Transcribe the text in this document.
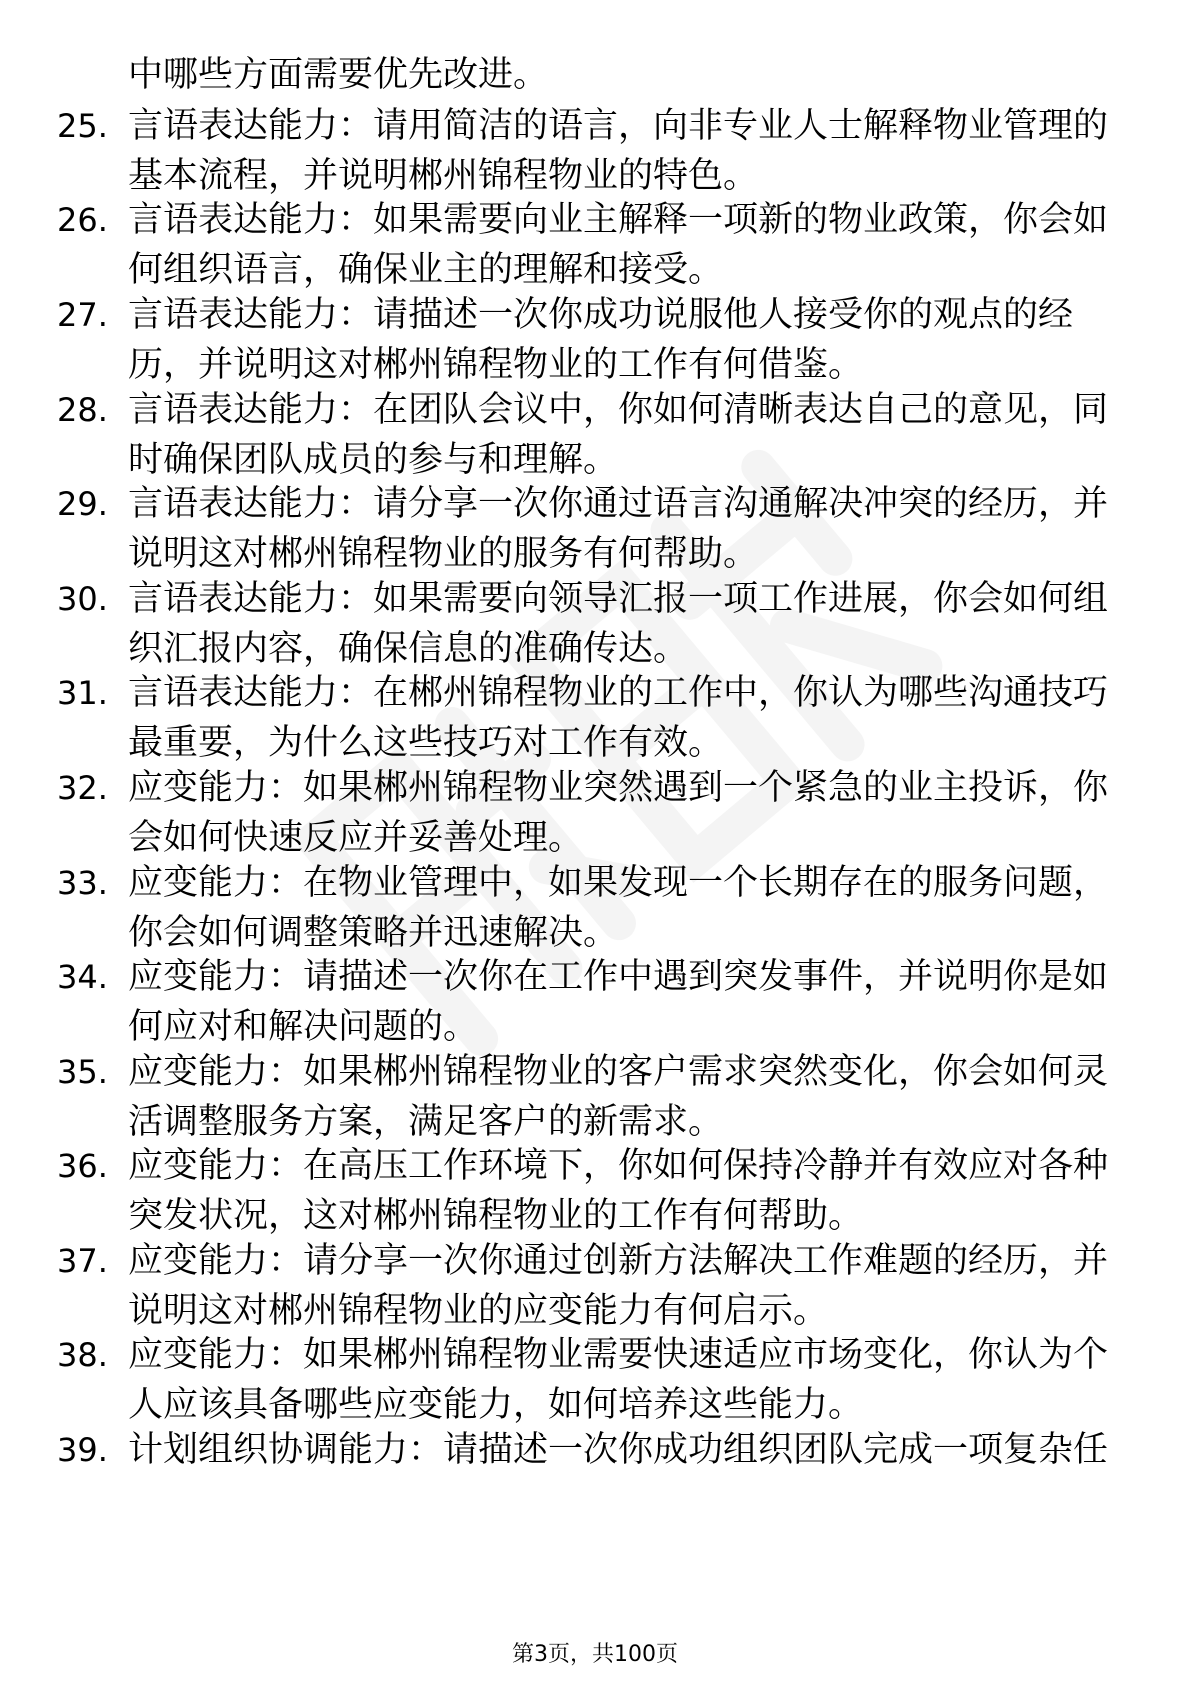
中哪些方面需要优先改进。
25. 言语表达能力：请用简洁的语言，向非专业人士解释物业管理的
基本流程，并说明郴州锦程物业的特色。
26. 言语表达能力：如果需要向业主解释一项新的物业政策，你会如
何组织语言，确保业主的理解和接受。
27. 言语表达能力：请描述一次你成功说服他人接受你的观点的经
历，并说明这对郴州锦程物业的工作有何借鉴。
28. 言语表达能力：在团队会议中，你如何清晰表达自己的意见，同
时确保团队成员的参与和理解。
29. 言语表达能力：请分享一次你通过语言沟通解决冲突的经历，并
说明这对郴州锦程物业的服务有何帮助。
30. 言语表达能力：如果需要向领导汇报一项工作进展，你会如何组
织汇报内容，确保信息的准确传达。
31. 言语表达能力：在郴州锦程物业的工作中，你认为哪些沟通技巧
最重要，为什么这些技巧对工作有效。
32. 应变能力：如果郴州锦程物业突然遇到一个紧急的业主投诉，你
会如何快速反应并妥善处理。
33. 应变能力：在物业管理中，如果发现一个长期存在的服务问题，
你会如何调整策略并迅速解决。
34. 应变能力：请描述一次你在工作中遇到突发事件，并说明你是如
何应对和解决问题的。
35. 应变能力：如果郴州锦程物业的客户需求突然变化，你会如何灵
活调整服务方案，满足客户的新需求。
36. 应变能力：在高压工作环境下，你如何保持冷静并有效应对各种
突发状况，这对郴州锦程物业的工作有何帮助。
37. 应变能力：请分享一次你通过创新方法解决工作难题的经历，并
说明这对郴州锦程物业的应变能力有何启示。
38. 应变能力：如果郴州锦程物业需要快速适应市场变化，你认为个
人应该具备哪些应变能力，如何培养这些能力。
39. 计划组织协调能力：请描述一次你成功组织团队完成一项复杂任
第3页，共100页
